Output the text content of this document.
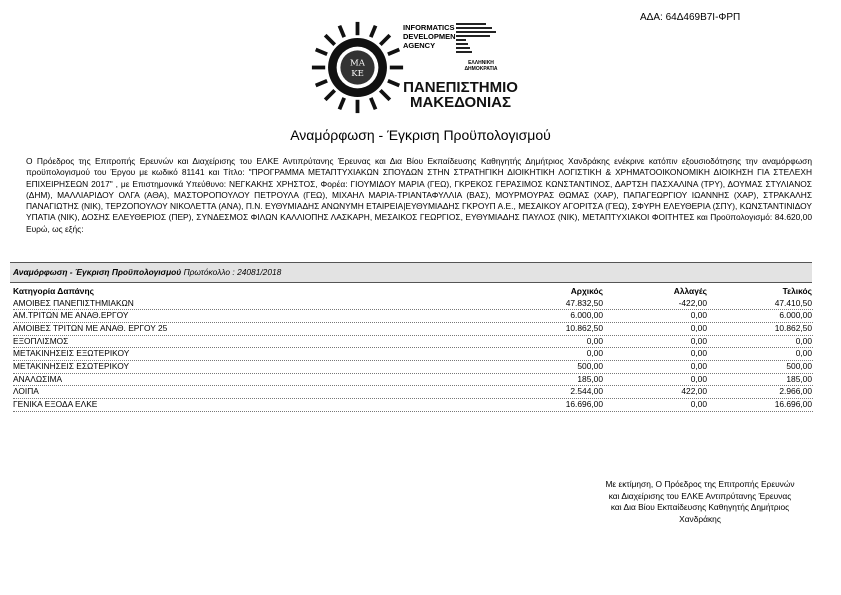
ΑΔΑ: 64Δ469Β7Ι-ΦΡΠ
ΜΑ
ΚΕ
INFORMATICS
DEVELOPMEN
AGENCY
ΕΛΛΗΝΙΚΗ
ΔΗΜΟΚΡΑΤΙΑ
ΠΑΝΕΠΙΣΤΗΜΙΟ
ΜΑΚΕΔΟΝΙΑΣ
Αναμόρφωση - Έγκριση Προϋπολογισμού
Ο Πρόεδρος της Επιτροπής Ερευνών και Διαχείρισης του ΕΛΚΕ Αντιπρύτανης Έρευνας και Δια Βίου Εκπαίδευσης Καθηγητής Δημήτριος Χανδράκης ενέκρινε κατόπιν εξουσιοδότησης την αναμόρφωση προϋπολογισμού του Έργου με κωδικό 81141 και Τίτλο: "ΠΡΟΓΡΑΜΜΑ ΜΕΤΑΠΤΥΧΙΑΚΩΝ ΣΠΟΥΔΩΝ ΣΤΗΝ ΣΤΡΑΤΗΓΙΚΗ ΔΙΟΙΚΗΤΙΚΗ ΛΟΓΙΣΤΙΚΗ & ΧΡΗΜΑΤΟΟΙΚΟΝΟΜΙΚΗ ΔΙΟΙΚΗΣΗ ΓΙΑ ΣΤΕΛΕΧΗ ΕΠΙΧΕΙΡΗΣΕΩΝ 2017" , με Επιστημονικά Υπεύθυνο: ΝΕΓΚΑΚΗΣ ΧΡΗΣΤΟΣ, Φορέα: ΓΙΟΥΜΙΔΟΥ ΜΑΡΙΑ (ΓΕΩ), ΓΚΡΕΚΟΣ ΓΕΡΑΣΙΜΟΣ ΚΩΝΣΤΑΝΤΙΝΟΣ, ΔΑΡΤΣΗ ΠΑΣΧΑΛΙΝΑ (ΤΡΥ), ΔΟΥΜΑΣ ΣΤΥΛΙΑΝΟΣ (ΔΗΜ), ΜΑΛΛΙΑΡΙΔΟΥ ΟΛΓΑ (ΑΘΑ), ΜΑΣΤΟΡΟΠΟΥΛΟΥ ΠΕΤΡΟΥΛΑ (ΓΕΩ), ΜΙΧΑΗΛ ΜΑΡΙΑ-ΤΡΙΑΝΤΑΦΥΛΛΙΑ (ΒΑΣ), ΜΟΥΡΜΟΥΡΑΣ ΘΩΜΑΣ (ΧΑΡ), ΠΑΠΑΓΕΩΡΓΙΟΥ ΙΩΑΝΝΗΣ (ΧΑΡ), ΣΤΡΑΚΑΛΗΣ ΠΑΝΑΓΙΩΤΗΣ (ΝΙΚ), ΤΕΡΖΟΠΟΥΛΟΥ ΝΙΚΟΛΕΤΤΑ (ΑΝΑ), Π.Ν. ΕΥΘΥΜΙΑΔΗΣ ΑΝΩΝΥΜΗ ΕΤΑΙΡΕΙΑ|ΕΥΘΥΜΙΑΔΗΣ ΓΚΡΟΥΠ Α.Ε., ΜΕΣΑΙΚΟΥ ΑΓΟΡΙΤΣΑ (ΓΕΩ), ΣΦΥΡΗ ΕΛΕΥΘΕΡΙΑ (ΣΠΥ), ΚΩΝΣΤΑΝΤΙΝΙΔΟΥ ΥΠΑΤΙΑ (ΝΙΚ), ΔΟΣΗΣ ΕΛΕΥΘΕΡΙΟΣ (ΠΕΡ), ΣΥΝΔΕΣΜΟΣ ΦΙΛΩΝ ΚΑΛΛΙΟΠΗΣ ΛΑΣΚΑΡΗ, ΜΕΣΑΙΚΟΣ ΓΕΩΡΓΙΟΣ, ΕΥΘΥΜΙΑΔΗΣ ΠΑΥΛΟΣ (ΝΙΚ), ΜΕΤΑΠΤΥΧΙΑΚΟΙ ΦΟΙΤΗΤΕΣ και Προϋπολογισμό: 84.620,00 Ευρώ, ως εξής:
Αναμόρφωση - Έγκριση Προϋπολογισμού Πρωτόκολλο : 24081/2018
Κατηγορία Δαπάνης	Αρχικός	Αλλαγές	Τελικός
ΑΜΟΙΒΕΣ ΠΑΝΕΠΙΣΤΗΜΙΑΚΩΝ	47.832,50	-422,00	47.410,50
ΑΜ.ΤΡΙΤΩΝ ΜΕ ΑΝΑΘ.ΕΡΓΟΥ	6.000,00	0,00	6.000,00
ΑΜΟΙΒΕΣ ΤΡΙΤΩΝ ΜΕ ΑΝΑΘ. ΕΡΓΟΥ 25	10.862,50	0,00	10.862,50
ΕΞΟΠΛΙΣΜΟΣ	0,00	0,00	0,00
ΜΕΤΑΚΙΝΗΣΕΙΣ ΕΞΩΤΕΡΙΚΟΥ	0,00	0,00	0,00
ΜΕΤΑΚΙΝΗΣΕΙΣ ΕΣΩΤΕΡΙΚΟΥ	500,00	0,00	500,00
ΑΝΑΛΩΣΙΜΑ	185,00	0,00	185,00
ΛΟΙΠΑ	2.544,00	422,00	2.966,00
ΓΕΝΙΚΑ ΕΞΟΔΑ ΕΛΚΕ	16.696,00	0,00	16.696,00
Με εκτίμηση, Ο Πρόεδρος της Επιτροπής Ερευνών
και Διαχείρισης του ΕΛΚΕ Αντιπρύτανης Έρευνας
και Δια Βίου Εκπαίδευσης Καθηγητής Δημήτριος
Χανδράκης
